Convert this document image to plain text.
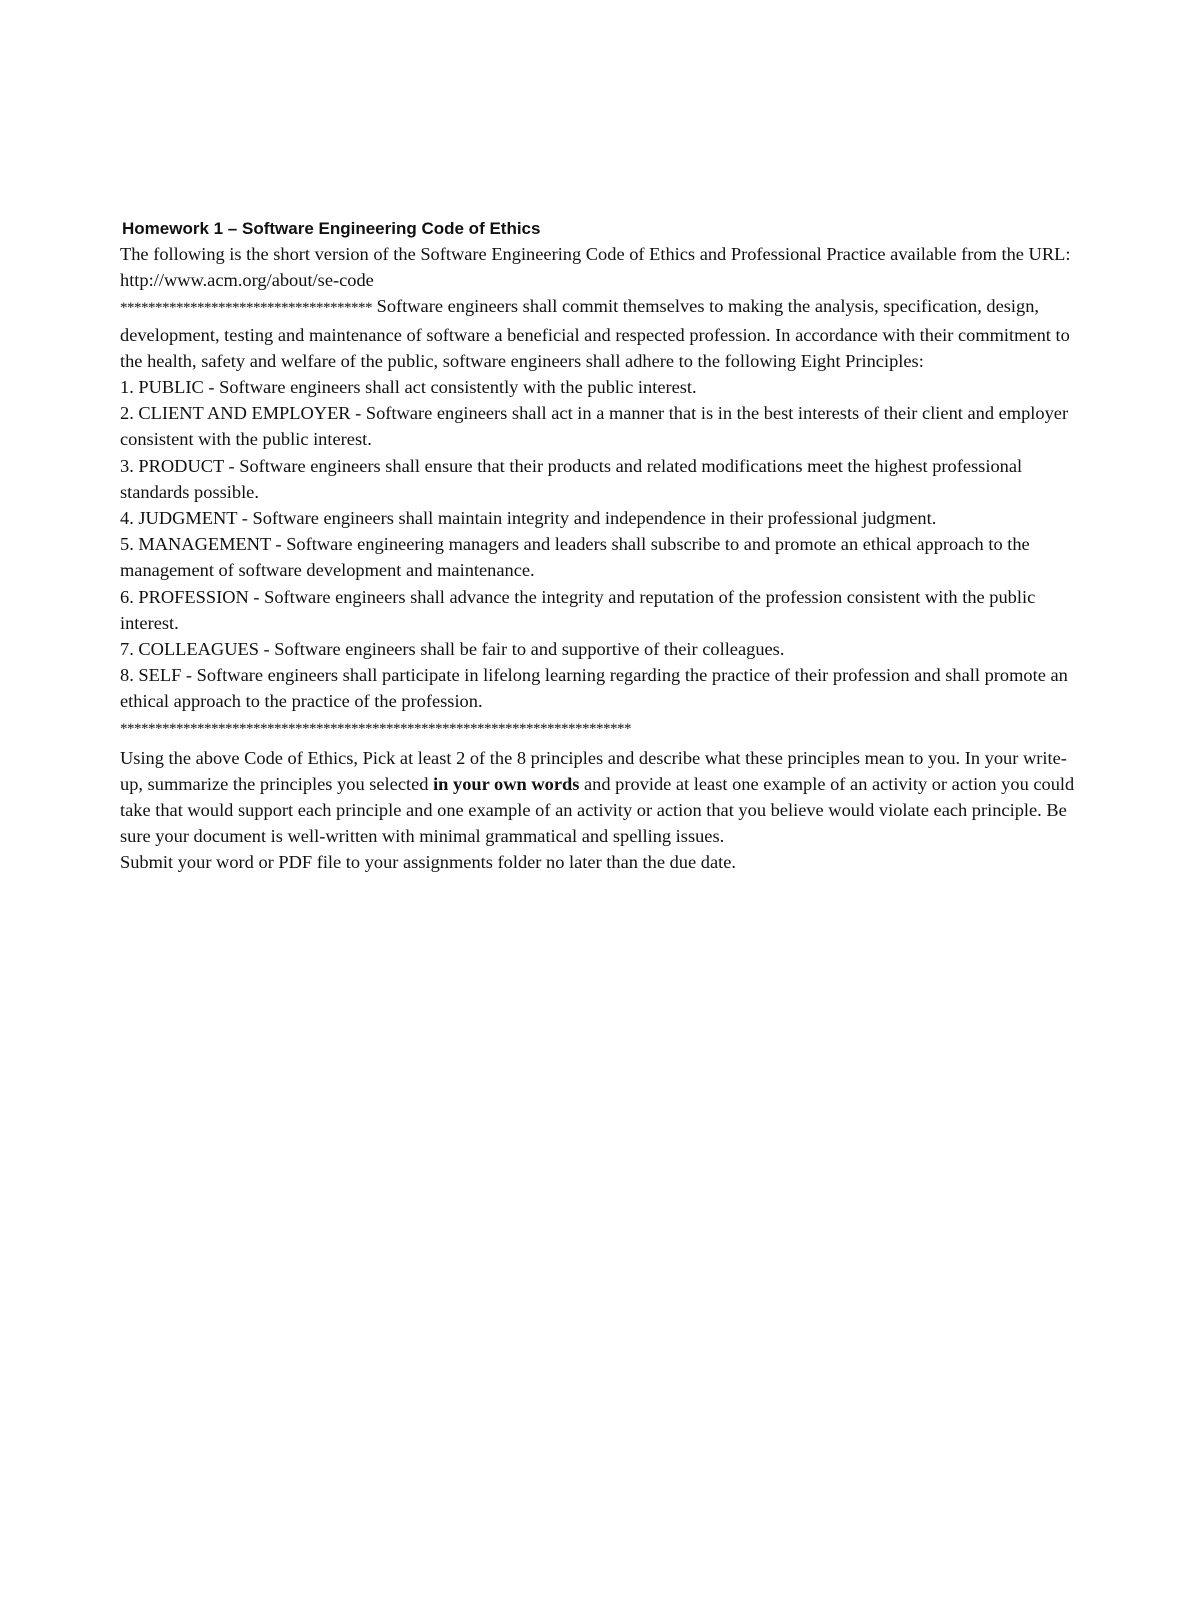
Homework 1 – Software Engineering Code of Ethics

The following is the short version of the Software Engineering Code of Ethics and Professional Practice available from the URL:

http://www.acm.org/about/se-code

************************************ Software engineers shall commit themselves to making the analysis, specification, design, development, testing and maintenance of software a beneficial and respected profession. In accordance with their commitment to the health, safety and welfare of the public, software engineers shall adhere to the following Eight Principles:

1. PUBLIC - Software engineers shall act consistently with the public interest.

2. CLIENT AND EMPLOYER - Software engineers shall act in a manner that is in the best interests of their client and employer consistent with the public interest.

3. PRODUCT - Software engineers shall ensure that their products and related modifications meet the highest professional standards possible.

4. JUDGMENT - Software engineers shall maintain integrity and independence in their professional judgment.

5. MANAGEMENT - Software engineering managers and leaders shall subscribe to and promote an ethical approach to the management of software development and maintenance.

6. PROFESSION - Software engineers shall advance the integrity and reputation of the profession consistent with the public interest.

7. COLLEAGUES - Software engineers shall be fair to and supportive of their colleagues.

8. SELF - Software engineers shall participate in lifelong learning regarding the practice of their profession and shall promote an ethical approach to the practice of the profession.

*************************************************************************

Using the above Code of Ethics, Pick at least 2 of the 8 principles and describe what these principles mean to you. In your write-up, summarize the principles you selected in your own words and provide at least one example of an activity or action you could take that would support each principle and one example of an activity or action that you believe would violate each principle. Be sure your document is well-written with minimal grammatical and spelling issues.

Submit your word or PDF file to your assignments folder no later than the due date.
